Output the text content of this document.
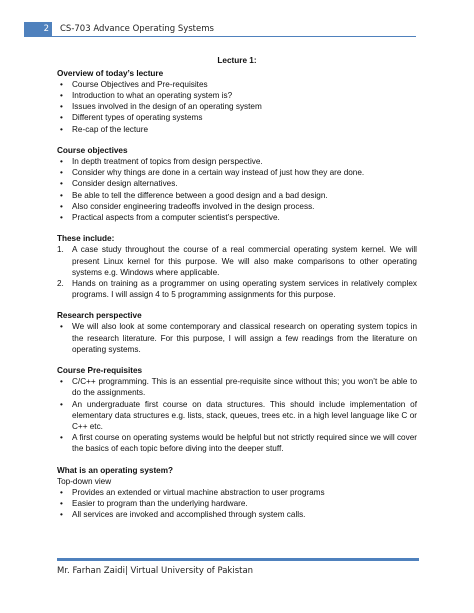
2	CS-703 Advance Operating Systems
Lecture 1:
Overview of today’s lecture
• Course Objectives and Pre-requisites
• Introduction to what an operating system is?
• Issues involved in the design of an operating system
• Different types of operating systems
• Re-cap of the lecture
Course objectives
• In depth treatment of topics from design perspective.
• Consider why things are done in a certain way instead of just how they are done.
• Consider design alternatives.
• Be able to tell the difference between a good design and a bad design.
• Also consider engineering tradeoffs involved in the design process.
• Practical aspects from a computer scientist’s perspective.
These include:
1. A case study throughout the course of a real commercial operating system kernel. We will present Linux kernel for this purpose. We will also make comparisons to other operating systems e.g. Windows where applicable.
2. Hands on training as a programmer on using operating system services in relatively complex programs. I will assign 4 to 5 programming assignments for this purpose.
Research perspective
• We will also look at some contemporary and classical research on operating system topics in the research literature. For this purpose, I will assign a few readings from the literature on operating systems.
Course Pre-requisites
• C/C++ programming. This is an essential pre-requisite since without this; you won’t be able to do the assignments.
• An undergraduate first course on data structures. This should include implementation of elementary data structures e.g. lists, stack, queues, trees etc. in a high level language like C or C++ etc.
• A first course on operating systems would be helpful but not strictly required since we will cover the basics of each topic before diving into the deeper stuff.
What is an operating system?
Top-down view
• Provides an extended or virtual machine abstraction to user programs
• Easier to program than the underlying hardware.
• All services are invoked and accomplished through system calls.
Mr. Farhan Zaidi| Virtual University of Pakistan
